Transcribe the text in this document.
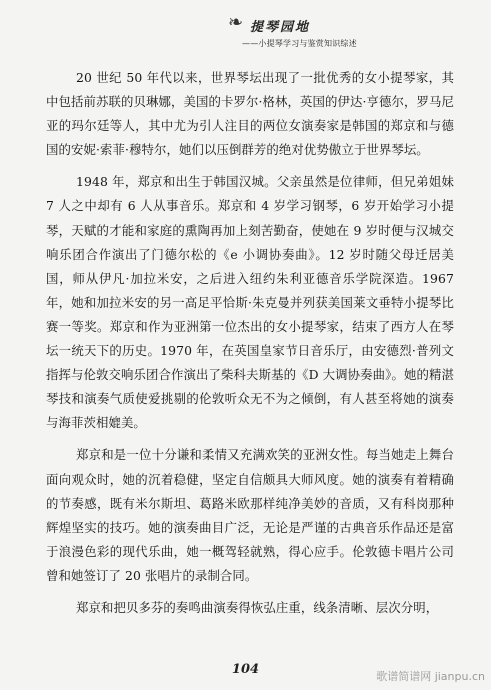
❧ 提琴园地
——小提琴学习与鉴赏知识综述

20 世纪 50 年代以来，世界琴坛出现了一批优秀的女小提琴家，其中包括前苏联的贝琳娜，美国的卡罗尔·格林，英国的伊达·亨德尔，罗马尼亚的玛尔廷等人，其中尤为引人注目的两位女演奏家是韩国的郑京和与德国的安妮·索菲·穆特尔，她们以压倒群芳的绝对优势傲立于世界琴坛。

1948 年，郑京和出生于韩国汉城。父亲虽然是位律师，但兄弟姐妹 7 人之中却有 6 人从事音乐。郑京和 4 岁学习钢琴，6 岁开始学习小提琴，天赋的才能和家庭的熏陶再加上刻苦勤奋，使她在 9 岁时便与汉城交响乐团合作演出了门德尔松的《e 小调协奏曲》。12 岁时随父母迁居美国，师从伊凡·加拉米安，之后进入纽约朱利亚德音乐学院深造。1967 年，她和加拉米安的另一高足平恰斯·朱克曼并列获美国莱文垂特小提琴比赛一等奖。郑京和作为亚洲第一位杰出的女小提琴家，结束了西方人在琴坛一统天下的历史。1970 年，在英国皇家节日音乐厅，由安德烈·普列文指挥与伦敦交响乐团合作演出了柴科夫斯基的《D 大调协奏曲》。她的精湛琴技和演奏气质使爱挑剔的伦敦听众无不为之倾倒，有人甚至将她的演奏与海菲茨相媲美。

郑京和是一位十分谦和柔情又充满欢笑的亚洲女性。每当她走上舞台面向观众时，她的沉着稳健，坚定自信颇具大师风度。她的演奏有着精确的节奏感，既有米尔斯坦、葛路米欧那样纯净美妙的音质，又有科岗那种辉煌坚实的技巧。她的演奏曲目广泛，无论是严谨的古典音乐作品还是富于浪漫色彩的现代乐曲，她一概驾轻就熟，得心应手。伦敦德卡唱片公司曾和她签订了 20 张唱片的录制合同。

郑京和把贝多芬的奏鸣曲演奏得恢弘庄重，线条清晰、层次分明，

104	歌谱简谱网 jianpu.cn
